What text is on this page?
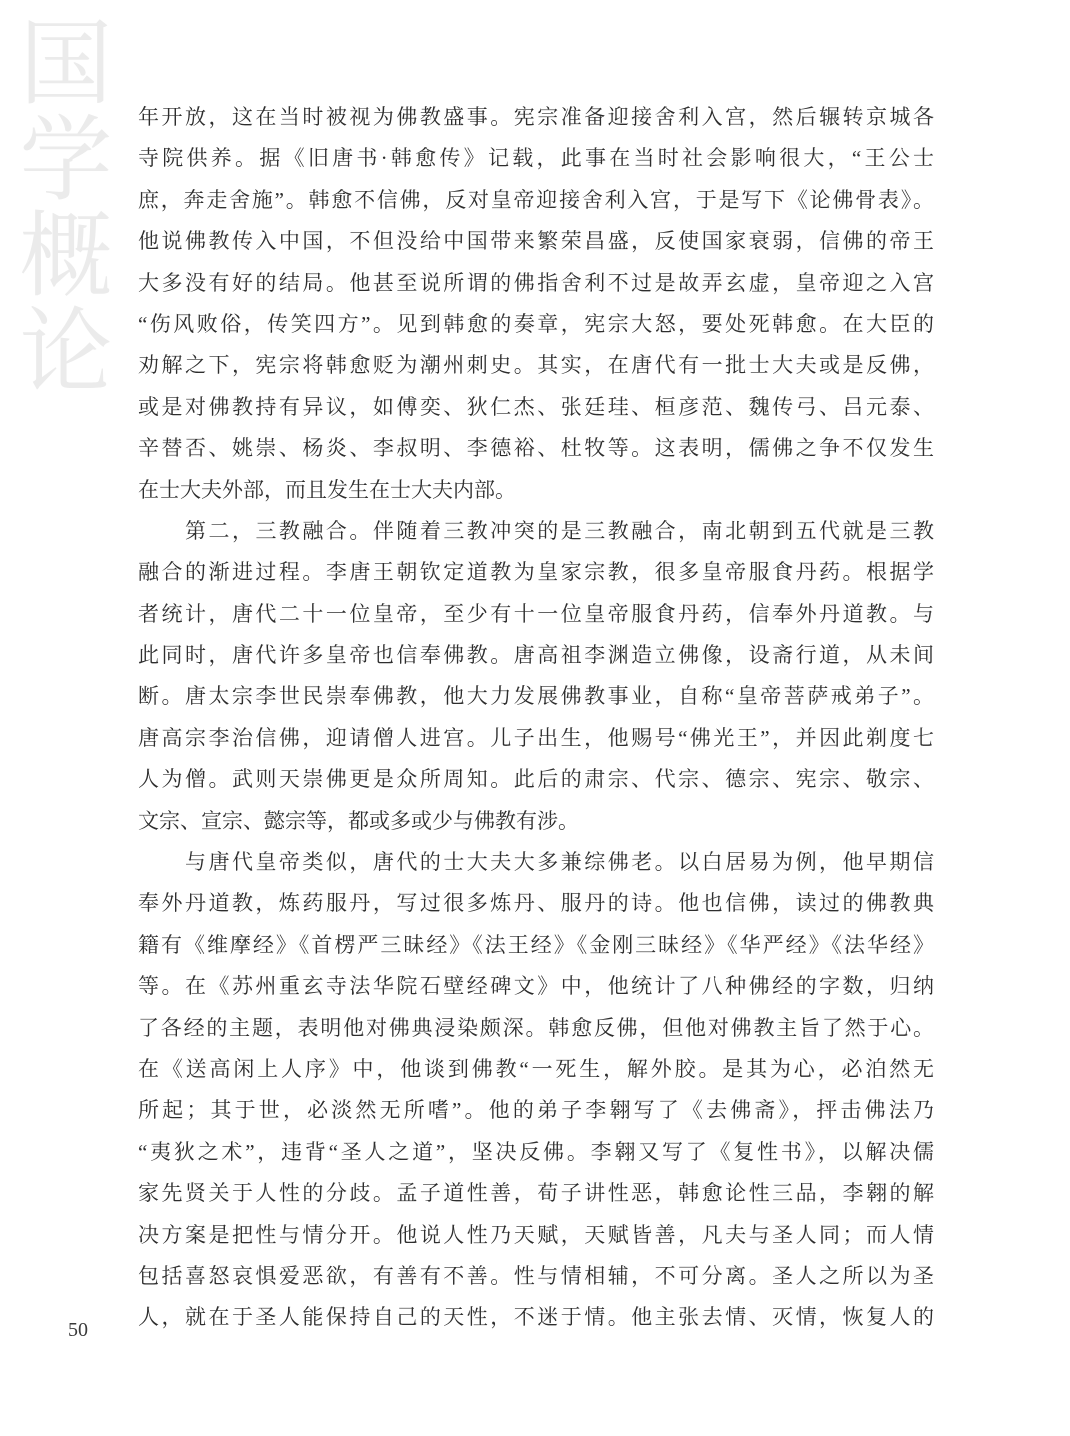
国学概论 年开放，这在当时被视为佛教盛事。宪宗准备迎接舍利入宫，然后辗转京城各
寺院供养。据《旧唐书·韩愈传》记载，此事在当时社会影响很大，“王公士
庶，奔走舍施”。韩愈不信佛，反对皇帝迎接舍利入宫，于是写下《论佛骨表》。
他说佛教传入中国，不但没给中国带来繁荣昌盛，反使国家衰弱，信佛的帝王
大多没有好的结局。他甚至说所谓的佛指舍利不过是故弄玄虚，皇帝迎之入宫
“伤风败俗，传笑四方”。见到韩愈的奏章，宪宗大怒，要处死韩愈。在大臣的
劝解之下，宪宗将韩愈贬为潮州刺史。其实，在唐代有一批士大夫或是反佛，
或是对佛教持有异议，如傅奕、狄仁杰、张廷珪、桓彦范、魏传弓、吕元泰、
辛替否、姚崇、杨炎、李叔明、李德裕、杜牧等。这表明，儒佛之争不仅发生
在士大夫外部，而且发生在士大夫内部。
第二，三教融合。伴随着三教冲突的是三教融合，南北朝到五代就是三教
融合的渐进过程。李唐王朝钦定道教为皇家宗教，很多皇帝服食丹药。根据学
者统计，唐代二十一位皇帝，至少有十一位皇帝服食丹药，信奉外丹道教。与
此同时，唐代许多皇帝也信奉佛教。唐高祖李渊造立佛像，设斋行道，从未间
断。唐太宗李世民崇奉佛教，他大力发展佛教事业，自称“皇帝菩萨戒弟子”。
唐高宗李治信佛，迎请僧人进宫。儿子出生，他赐号“佛光王”，并因此剃度七
人为僧。武则天崇佛更是众所周知。此后的肃宗、代宗、德宗、宪宗、敬宗、
文宗、宣宗、懿宗等，都或多或少与佛教有涉。
与唐代皇帝类似，唐代的士大夫大多兼综佛老。以白居易为例，他早期信
奉外丹道教，炼药服丹，写过很多炼丹、服丹的诗。他也信佛，读过的佛教典
籍有《维摩经》《首楞严三昧经》《法王经》《金刚三昧经》《华严经》《法华经》
等。在《苏州重玄寺法华院石壁经碑文》中，他统计了八种佛经的字数，归纳
了各经的主题，表明他对佛典浸染颇深。韩愈反佛，但他对佛教主旨了然于心。
在《送高闲上人序》中，他谈到佛教“一死生，解外胶。是其为心，必泊然无
所起；其于世，必淡然无所嗜”。他的弟子李翱写了《去佛斋》，抨击佛法乃
“夷狄之术”，违背“圣人之道”，坚决反佛。李翱又写了《复性书》，以解决儒
家先贤关于人性的分歧。孟子道性善，荀子讲性恶，韩愈论性三品，李翱的解
决方案是把性与情分开。他说人性乃天赋，天赋皆善，凡夫与圣人同；而人情
包括喜怒哀惧爱恶欲，有善有不善。性与情相辅，不可分离。圣人之所以为圣
人，就在于圣人能保持自己的天性，不迷于情。他主张去情、灭情，恢复人的
50
